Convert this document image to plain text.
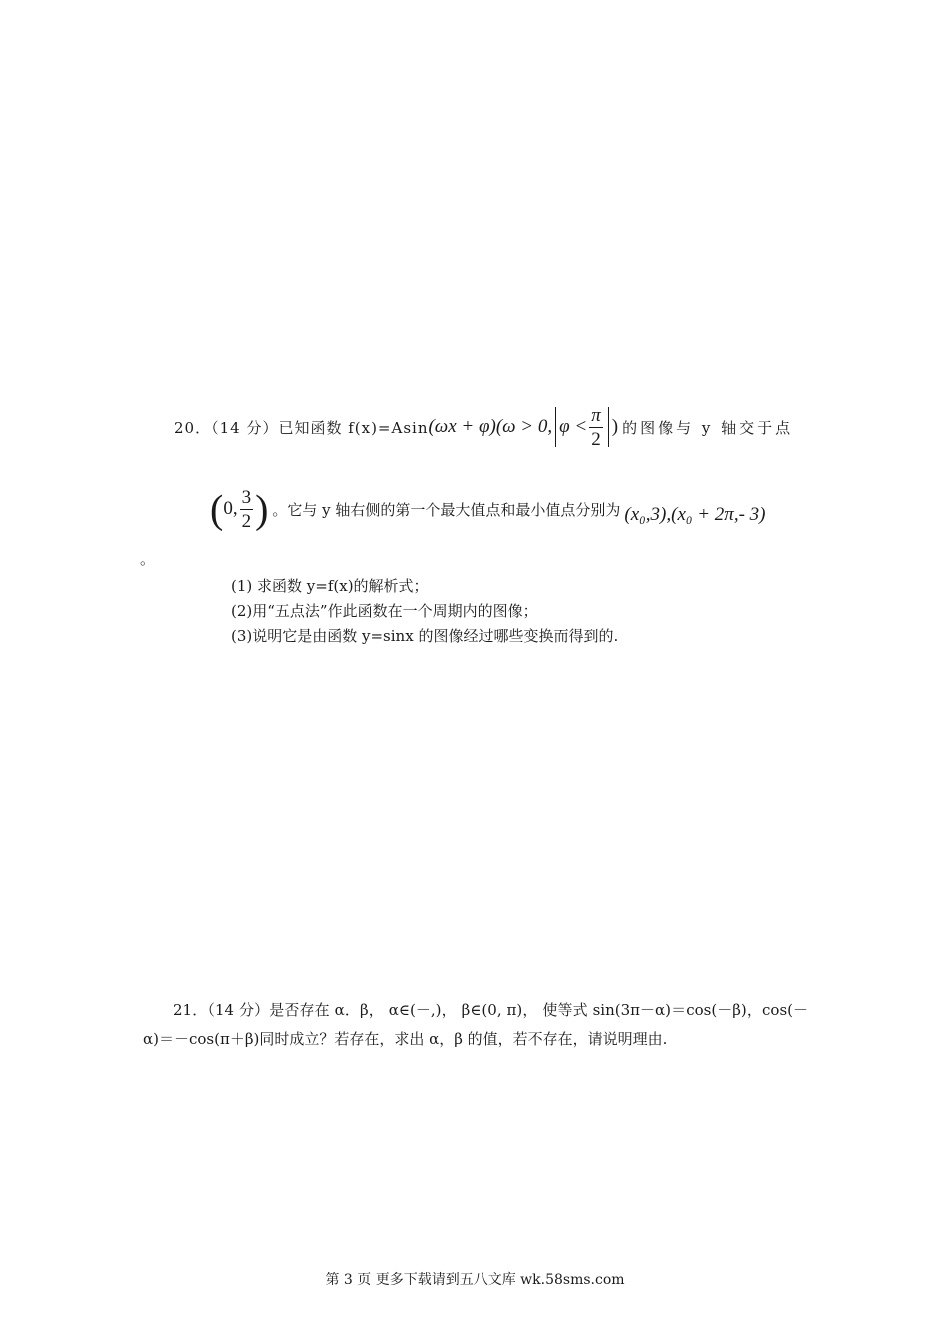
20．（14 分）已知函数 f(x)=Asin (ωx + φ)(ω > 0, $\varphi < \frac{\pi}{2}$ ) 的图像与 y 轴交于点
(0, $\frac{3}{2}$ ) 。它与 y 轴右侧的第一个最大值点和最小值点分别为 (x₀,3),(x₀ + 2π,- 3)
。
(1) 求函数 y=f(x)的解析式；
(2)用“五点法”作此函数在一个周期内的图像；
(3)说明它是由函数 y=sinx 的图像经过哪些变换而得到的.
21．（14 分）是否存在 α．β， α∈(－,)， β∈(0, π)， 使等式 sin(3π－α)＝cos(－β)，cos(－α)＝－cos(π＋β)同时成立？若存在，求出 α，β 的值，若不存在，请说明理由.
第 3 页 更多下载请到五八文库 wk.58sms.com
